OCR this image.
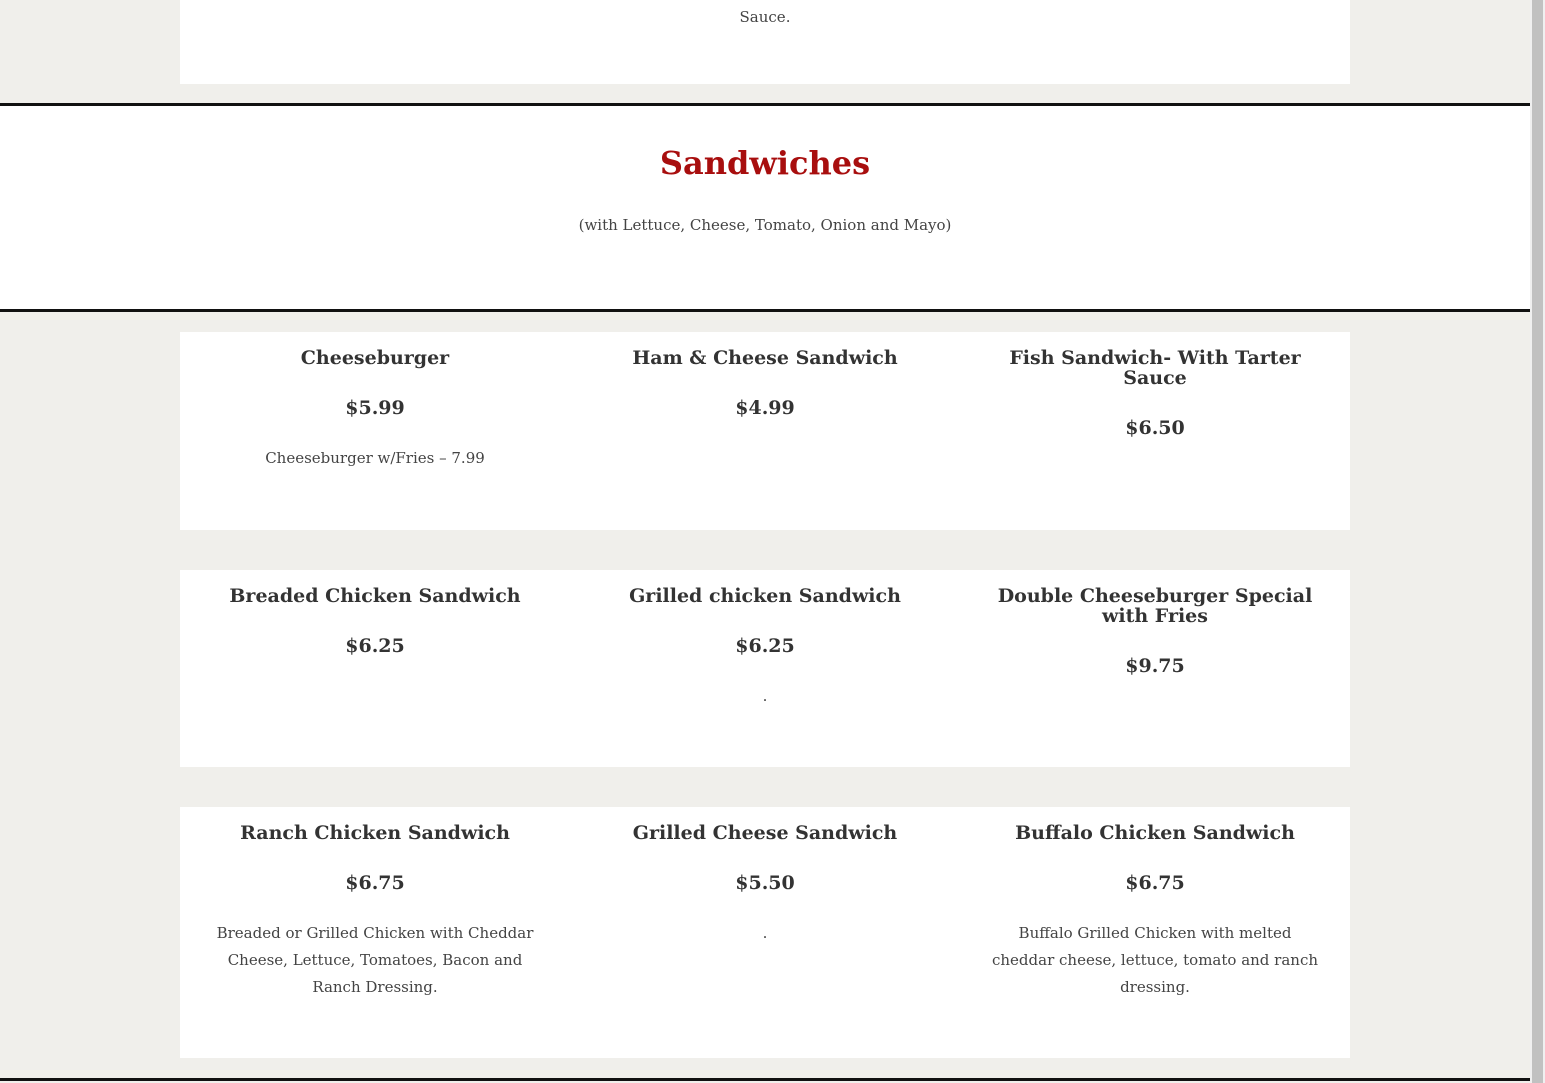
Sauce.
Sandwiches
(with Lettuce, Cheese, Tomato, Onion and Mayo)
Cheeseburger
$5.99
Cheeseburger w/Fries – 7.99
Ham & Cheese Sandwich
$4.99
Fish Sandwich- With Tarter Sauce
$6.50
Breaded Chicken Sandwich
$6.25
Grilled chicken Sandwich
$6.25
.
Double Cheeseburger Special with Fries
$9.75
Ranch Chicken Sandwich
$6.75
Breaded or Grilled Chicken with Cheddar Cheese, Lettuce, Tomatoes, Bacon and Ranch Dressing.
Grilled Cheese Sandwich
$5.50
.
Buffalo Chicken Sandwich
$6.75
Buffalo Grilled Chicken with melted cheddar cheese, lettuce, tomato and ranch dressing.
